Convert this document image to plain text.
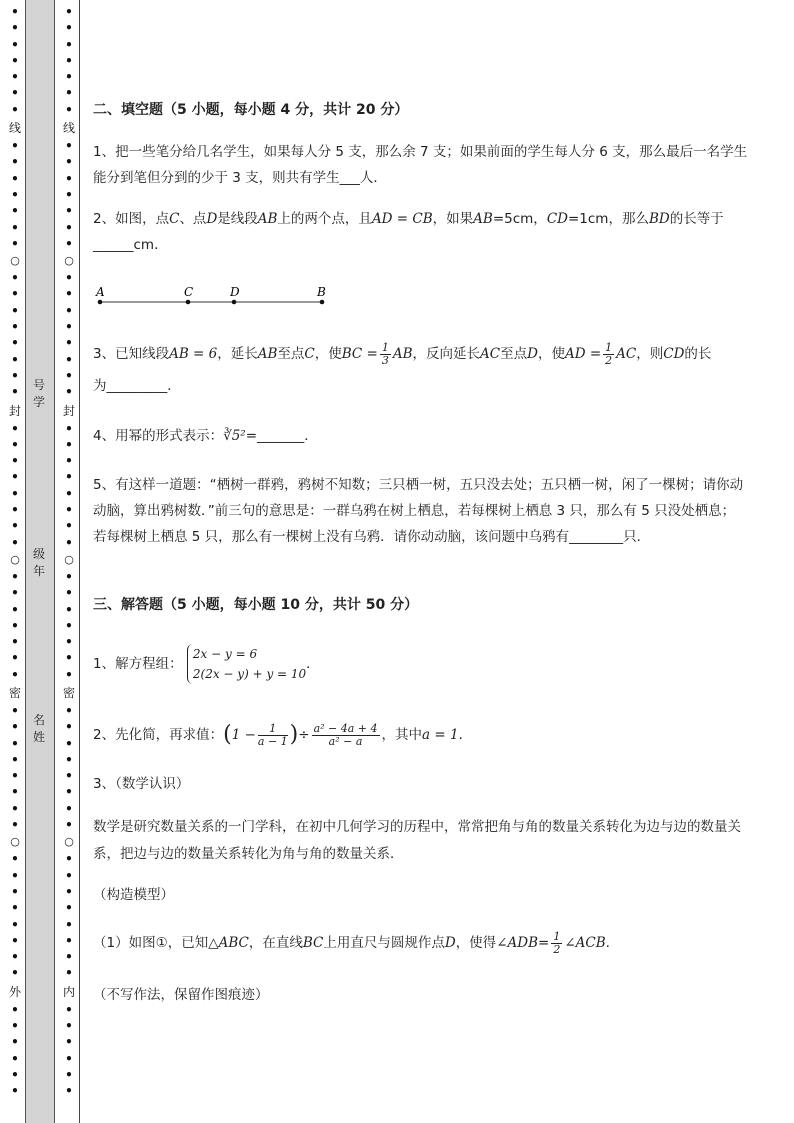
•
•
•
•
•
•
•
线
•
•
•
•
•
•
•
○
•
•
•
•
•
•
•
•
封
•
•
•
•
•
•
•
•
○
•
•
•
•
•
•
•
密
•
•
•
•
•
•
•
•
○
•
•
•
•
•
•
•
•
外
•
•
•
•
•
•
•
•
•
•
•
•
•
线
•
•
•
•
•
•
•
○
•
•
•
•
•
•
•
•
封
•
•
•
•
•
•
•
•
○
•
•
•
•
•
•
•
密
•
•
•
•
•
•
•
•
○
•
•
•
•
•
•
•
•
内
•
•
•
•
•
•
号
学
级
年
名
姓
二、填空题（5 小题，每小题 4 分，共计 20 分）
1、把一些笔分给几名学生，如果每人分 5 支，那么余 7 支；如果前面的学生每人分 6 支，那么最后一名学生能分到笔但分到的少于 3 支，则共有学生___人．
2、如图，点C、点D是线段AB上的两个点，且AD = CB，如果AB=5cm，CD=1cm，那么BD的长等于
______cm．
A	C	D	B
3、已知线段AB = 6，延长AB至点C，使BC = $\frac{1}{3}$ AB，反向延长AC至点D，使AD = $\frac{1}{2}$ AC，则CD的长
为_________．
4、用幂的形式表示：∛5²=_______．
5、有这样一道题：“栖树一群鸦，鸦树不知数；三只栖一树，五只没去处；五只栖一树，闲了一棵树；请你动动脑，算出鸦树数．”前三句的意思是：一群乌鸦在树上栖息，若每棵树上栖息 3 只，那么有 5 只没处栖息；若每棵树上栖息 5 只，那么有一棵树上没有乌鸦．请你动动脑，该问题中乌鸦有________只．
三、解答题（5 小题，每小题 10 分，共计 50 分）
1、解方程组：
2x − y = 6
2(2x − y) + y = 10
．
2、先化简，再求值：($1 - \frac{1}{a - 1}$ )÷ $\frac{\text{a² − 4a + 4}}{\text{a² − a}}$ ，其中a = 1．
3、（数学认识）
数学是研究数量关系的一门学科，在初中几何学习的历程中，常常把角与角的数量关系转化为边与边的数量关系，把边与边的数量关系转化为角与角的数量关系．
（构造模型）
（1）如图①，已知△ABC，在直线BC上用直尺与圆规作点D，使得∠ADB= $\frac{1}{2}$ ∠ACB.
（不写作法，保留作图痕迹）
